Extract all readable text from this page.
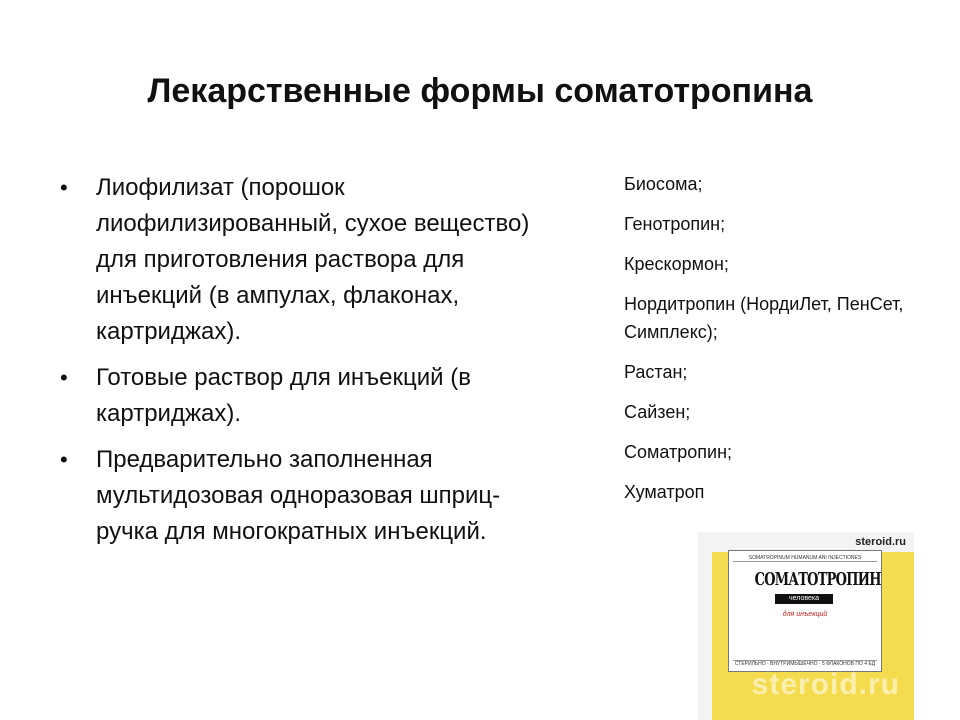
Лекарственные формы соматотропина
• Лиофилизат (порошок лиофилизированный, сухое вещество) для приготовления раствора для инъекций (в ампулах, флаконах, картриджах).
• Готовые раствор для инъекций (в картриджах).
• Предварительно заполненная мультидозовая одноразовая шприц-ручка для многократных инъекций.
Биосома;
Генотропин;
Крескормон;
Нордитропин (НордиЛет, ПенСет, Симплекс);
Растан;
Сайзен;
Соматропин;
Хуматроп
steroid.ru
SOMATROPINUM HUMANUM ANI INJECTIONES
СОМАТОТРОПИН
человека
для инъекций
СТЕРИЛЬНО · ВНУТРИМЫШЕЧНО · 5 ФЛАКОНОВ ПО 4 ЕД
steroid.ru
